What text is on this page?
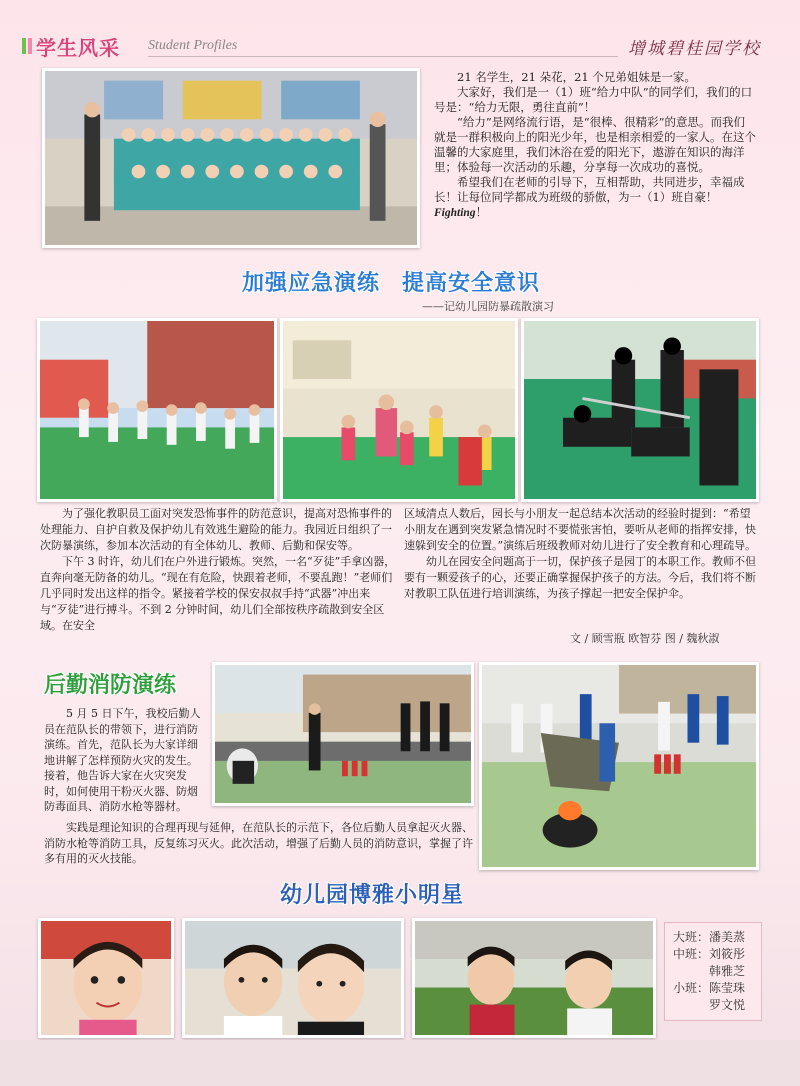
学生风采 Student Profiles	增城碧桂园学校

21 名学生，21 朵花，21 个兄弟姐妹是一家。

大家好，我们是一（1）班“给力中队”的同学们，我们的口号是：“给力无限，勇往直前”！

“给力”是网络流行语，是“很棒、很精彩”的意思。而我们就是一群积极向上的阳光少年，也是相亲相爱的一家人。在这个温馨的大家庭里，我们沐浴在爱的阳光下，遨游在知识的海洋里；体验每一次活动的乐趣，分享每一次成功的喜悦。

希望我们在老师的引导下，互相帮助，共同进步，幸福成长！让每位同学都成为班级的骄傲，为一（1）班自豪！

Fighting！

加强应急演练 提高安全意识
——记幼儿园防暴疏散演习

为了强化教职员工面对突发恐怖事件的防范意识，提高对恐怖事件的处理能力、自护自救及保护幼儿有效逃生避险的能力。我园近日组织了一次防暴演练，参加本次活动的有全体幼儿、教师、后勤和保安等。

下午 3 时许，幼儿们在户外进行锻炼。突然，一名“歹徒”手拿凶器，直奔向毫无防备的幼儿。“现在有危险，快跟着老师，不要乱跑！”老师们几乎同时发出这样的指令。紧接着学校的保安叔叔手持“武器”冲出来与“歹徒”进行搏斗。不到 2 分钟时间，幼儿们全部按秩序疏散到安全区域。在安全

区域清点人数后，园长与小朋友一起总结本次活动的经验时提到：“希望小朋友在遇到突发紧急情况时不要慌张害怕，要听从老师的指挥安排，快速躲到安全的位置。”演练后班级教师对幼儿进行了安全教育和心理疏导。

幼儿在园安全问题高于一切，保护孩子是园丁的本职工作。教师不但要有一颗爱孩子的心，还要正确掌握保护孩子的方法。今后，我们将不断对教职工队伍进行培训演练，为孩子撑起一把安全保护伞。

文 / 顾雪瓶 欧智芬 图 / 魏秋淑
后勤消防演练

5 月 5 日下午，我校后勤人员在范队长的带领下，进行消防演练。首先，范队长为大家详细地讲解了怎样预防火灾的发生。接着，他告诉大家在火灾突发时，如何使用干粉灭火器、防烟防毒面具、消防水枪等器材。

实践是理论知识的合理再现与延伸，在范队长的示范下，各位后勤人员拿起灭火器、消防水枪等消防工具，反复练习灭火。此次活动，增强了后勤人员的消防意识，掌握了许多有用的灭火技能。

幼儿园博雅小明星
大班：潘美蒸
中班：刘筱彤
韩雅芝
小班：陈莹珠
罗文悦
